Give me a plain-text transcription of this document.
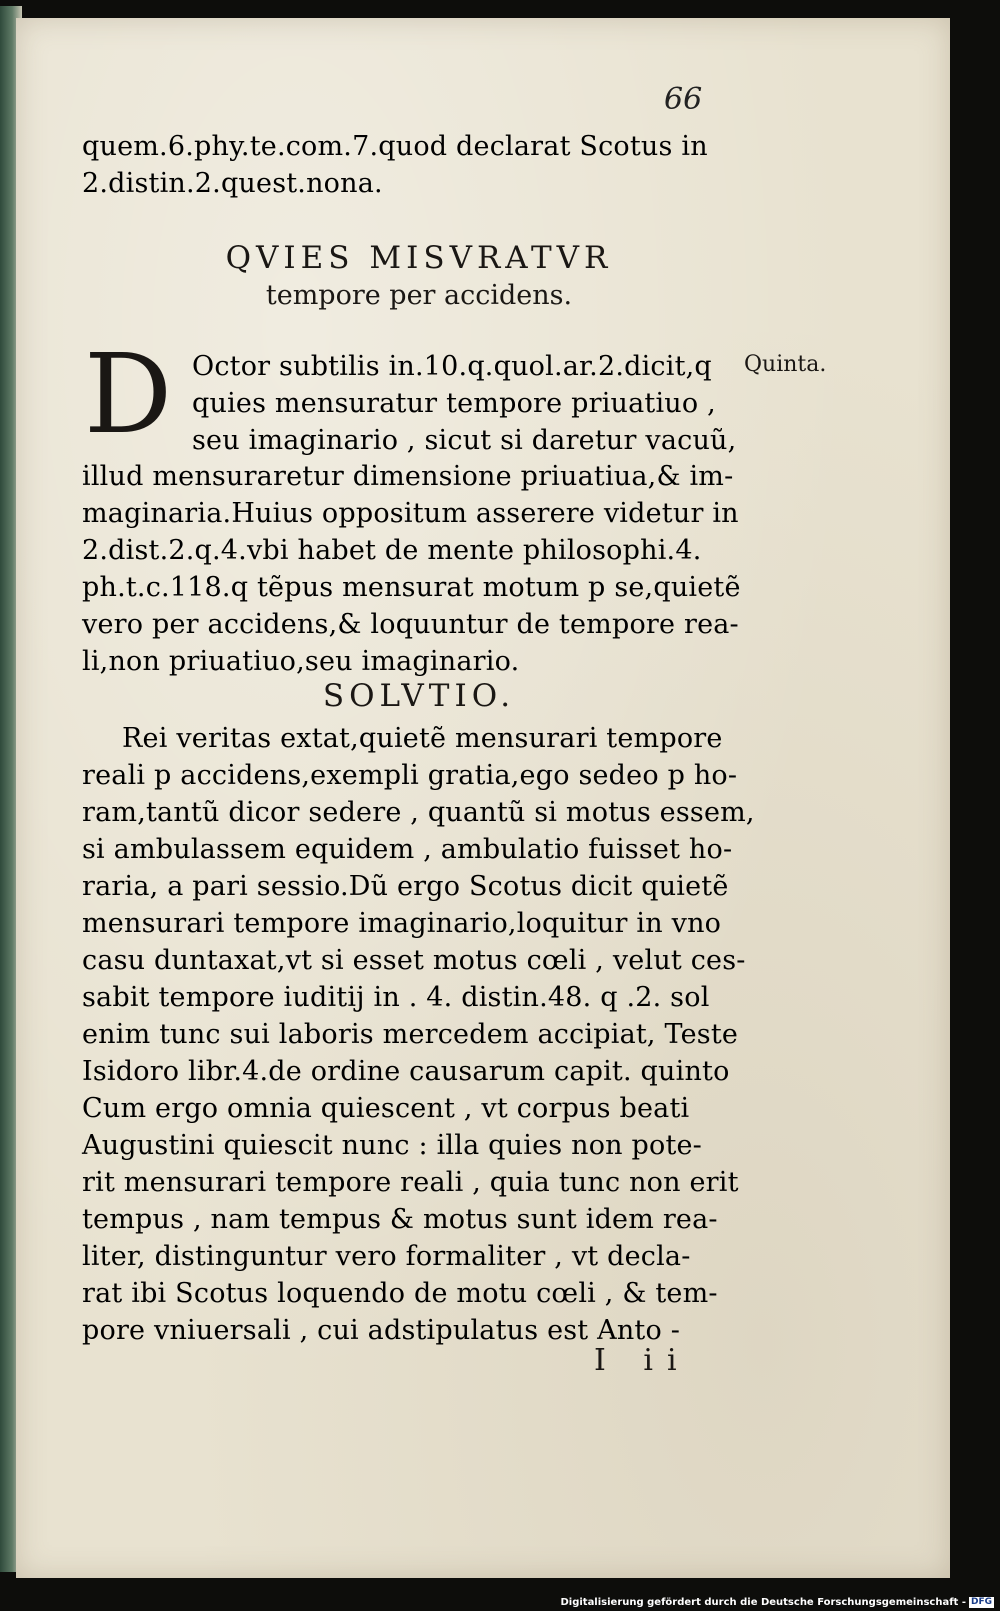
66
quem.6.phy.te.com.7.quod declarat Scotus in
2.distin.2.quest.nona.
QVIES MISVRATVR
tempore per accidens.
D Octor subtilis in.10.q.quol.ar.2.dicit,q
quies mensuratur tempore priuatiuo ,
seu imaginario , sicut si daretur vacuũ,
Quinta.
illud mensuraretur dimensione priuatiua,& im-
maginaria.Huius oppositum asserere videtur in
2.dist.2.q.4.vbi habet de mente philosophi.4.
ph.t.c.118.q tẽpus mensurat motum p se,quietẽ
vero per accidens,& loquuntur de tempore rea-
li,non priuatiuo,seu imaginario.
SOLVTIO.
Rei veritas extat,quietẽ mensurari tempore
reali p accidens,exempli gratia,ego sedeo p ho-
ram,tantũ dicor sedere , quantũ si motus essem,
si ambulassem equidem , ambulatio fuisset ho-
raria, a pari sessio.Dũ ergo Scotus dicit quietẽ
mensurari tempore imaginario,loquitur in vno
casu duntaxat,vt si esset motus cœli , velut ces-
sabit tempore iuditij in . 4. distin.48. q .2. sol
enim tunc sui laboris mercedem accipiat, Teste
Isidoro libr.4.de ordine causarum capit. quinto
Cum ergo omnia quiescent , vt corpus beati
Augustini quiescit nunc : illa quies non pote-
rit mensurari tempore reali , quia tunc non erit
tempus , nam tempus & motus sunt idem rea-
liter, distinguntur vero formaliter , vt decla-
rat ibi Scotus loquendo de motu cœli , & tem-
pore vniuersali , cui adstipulatus est Anto -
I ii
Digitalisierung gefördert durch die Deutsche Forschungsgemeinschaft - DFG
